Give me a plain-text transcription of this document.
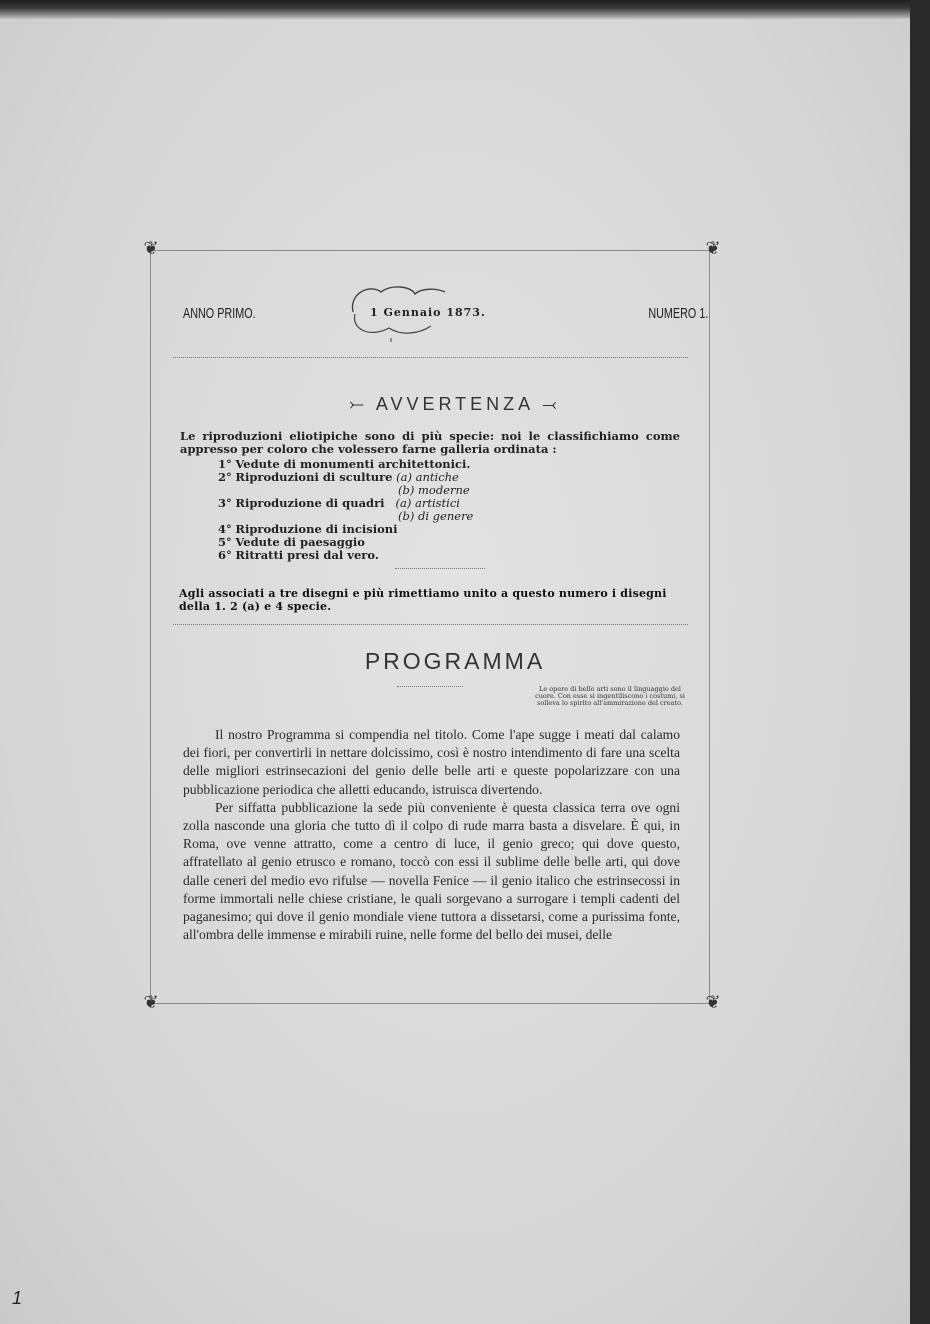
❦	❦
❦	❦
ANNO PRIMO.	1 Gennaio 1873.	NUMERO 1.
⤚ AVVERTENZA ⤙
Le riproduzioni eliotipiche sono di più specie: noi le classifichiamo come appresso per coloro che volessero farne galleria ordinata :
1° Vedute di monumenti architettonici.
2° Riproduzioni di sculture (a) antiche
(b) moderne
3° Riproduzione di quadri (a) artistici
(b) di genere
4° Riproduzione di incisioni
5° Vedute di paesaggio
6° Ritratti presi dal vero.
Agli associati a tre disegni e più rimettiamo unito a questo numero i disegni della 1. 2 (a) e 4 specie.
PROGRAMMA
Le opere di belle arti sono il linguaggio del cuore. Con esse si ingentiliscono i costumi, si solleva lo spirito all'ammirazione del creato.

Il nostro Programma si compendia nel titolo. Come l'ape sugge i meati dal calamo dei fiori, per convertirli in nettare dolcissimo, così è nostro intendimento di fare una scelta delle migliori estrinsecazioni del genio delle belle arti e queste popolarizzare con una pubblicazione periodica che alletti educando, istruisca divertendo.

Per siffatta pubblicazione la sede più conveniente è questa classica terra ove ogni zolla nasconde una gloria che tutto dì il colpo di rude marra basta a disvelare. È qui, in Roma, ove venne attratto, come a centro di luce, il genio greco; qui dove questo, affratellato al genio etrusco e romano, toccò con essi il sublime delle belle arti, qui dove dalle ceneri del medio evo rifulse — novella Fenice — il genio italico che estrinsecossi in forme immortali nelle chiese cristiane, le quali sorgevano a surrogare i templi cadenti del paganesimo; qui dove il genio mondiale viene tuttora a dissetarsi, come a purissima fonte, all'ombra delle immense e mirabili ruine, nelle forme del bello dei musei, delle

1
